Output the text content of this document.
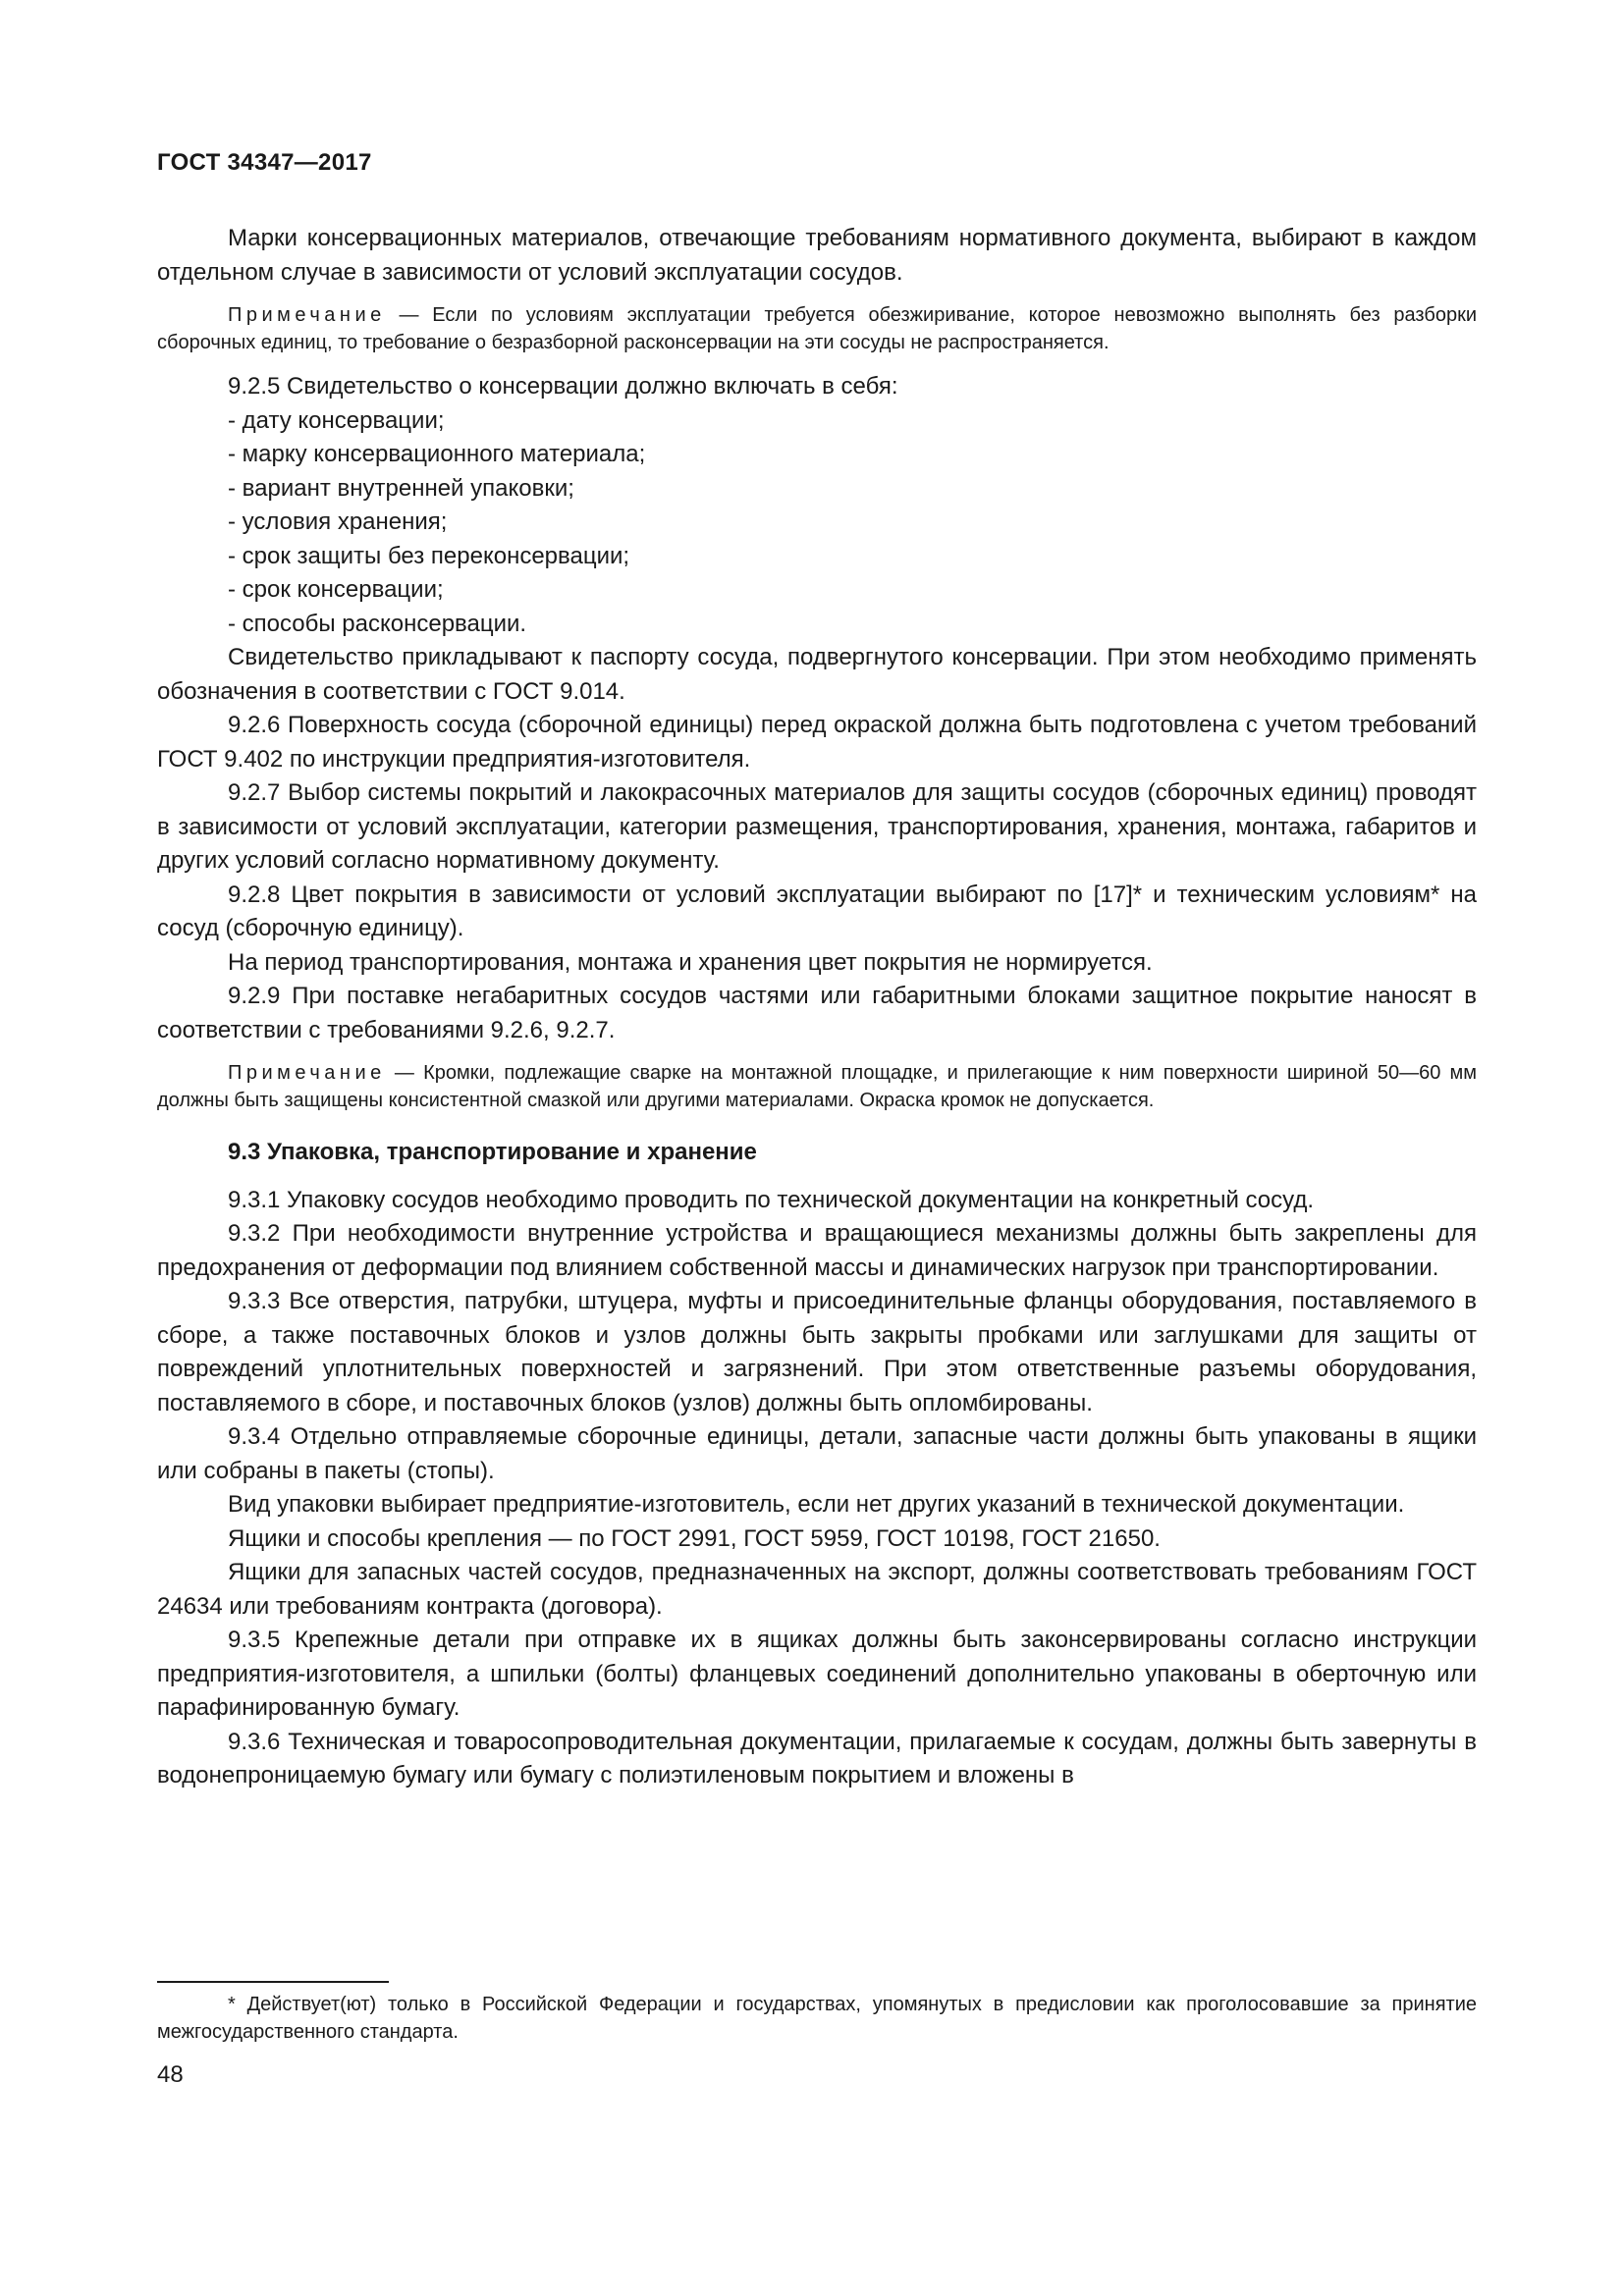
ГОСТ 34347—2017

Марки консервационных материалов, отвечающие требованиям нормативного документа, выбирают в каждом отдельном случае в зависимости от условий эксплуатации сосудов.

Примечание — Если по условиям эксплуатации требуется обезжиривание, которое невозможно выполнять без разборки сборочных единиц, то требование о безразборной расконсервации на эти сосуды не распространяется.

9.2.5 Свидетельство о консервации должно включать в себя:

- дату консервации;

- марку консервационного материала;

- вариант внутренней упаковки;

- условия хранения;

- срок защиты без переконсервации;

- срок консервации;

- способы расконсервации.

Свидетельство прикладывают к паспорту сосуда, подвергнутого консервации. При этом необходимо применять обозначения в соответствии с ГОСТ 9.014.

9.2.6 Поверхность сосуда (сборочной единицы) перед окраской должна быть подготовлена с учетом требований ГОСТ 9.402 по инструкции предприятия-изготовителя.

9.2.7 Выбор системы покрытий и лакокрасочных материалов для защиты сосудов (сборочных единиц) проводят в зависимости от условий эксплуатации, категории размещения, транспортирования, хранения, монтажа, габаритов и других условий согласно нормативному документу.

9.2.8 Цвет покрытия в зависимости от условий эксплуатации выбирают по [17]* и техническим условиям* на сосуд (сборочную единицу).

На период транспортирования, монтажа и хранения цвет покрытия не нормируется.

9.2.9 При поставке негабаритных сосудов частями или габаритными блоками защитное покрытие наносят в соответствии с требованиями 9.2.6, 9.2.7.

Примечание — Кромки, подлежащие сварке на монтажной площадке, и прилегающие к ним поверхности шириной 50—60 мм должны быть защищены консистентной смазкой или другими материалами. Окраска кромок не допускается.

9.3 Упаковка, транспортирование и хранение

9.3.1 Упаковку сосудов необходимо проводить по технической документации на конкретный сосуд.

9.3.2 При необходимости внутренние устройства и вращающиеся механизмы должны быть закреплены для предохранения от деформации под влиянием собственной массы и динамических нагрузок при транспортировании.

9.3.3 Все отверстия, патрубки, штуцера, муфты и присоединительные фланцы оборудования, поставляемого в сборе, а также поставочных блоков и узлов должны быть закрыты пробками или заглушками для защиты от повреждений уплотнительных поверхностей и загрязнений. При этом ответственные разъемы оборудования, поставляемого в сборе, и поставочных блоков (узлов) должны быть опломбированы.

9.3.4 Отдельно отправляемые сборочные единицы, детали, запасные части должны быть упакованы в ящики или собраны в пакеты (стопы).

Вид упаковки выбирает предприятие-изготовитель, если нет других указаний в технической документации.

Ящики и способы крепления — по ГОСТ 2991, ГОСТ 5959, ГОСТ 10198, ГОСТ 21650.

Ящики для запасных частей сосудов, предназначенных на экспорт, должны соответствовать требованиям ГОСТ 24634 или требованиям контракта (договора).

9.3.5 Крепежные детали при отправке их в ящиках должны быть законсервированы согласно инструкции предприятия-изготовителя, а шпильки (болты) фланцевых соединений дополнительно упакованы в оберточную или парафинированную бумагу.

9.3.6 Техническая и товаросопроводительная документации, прилагаемые к сосудам, должны быть завернуты в водонепроницаемую бумагу или бумагу с полиэтиленовым покрытием и вложены в

* Действует(ют) только в Российской Федерации и государствах, упомянутых в предисловии как проголосовавшие за принятие межгосударственного стандарта.
48
